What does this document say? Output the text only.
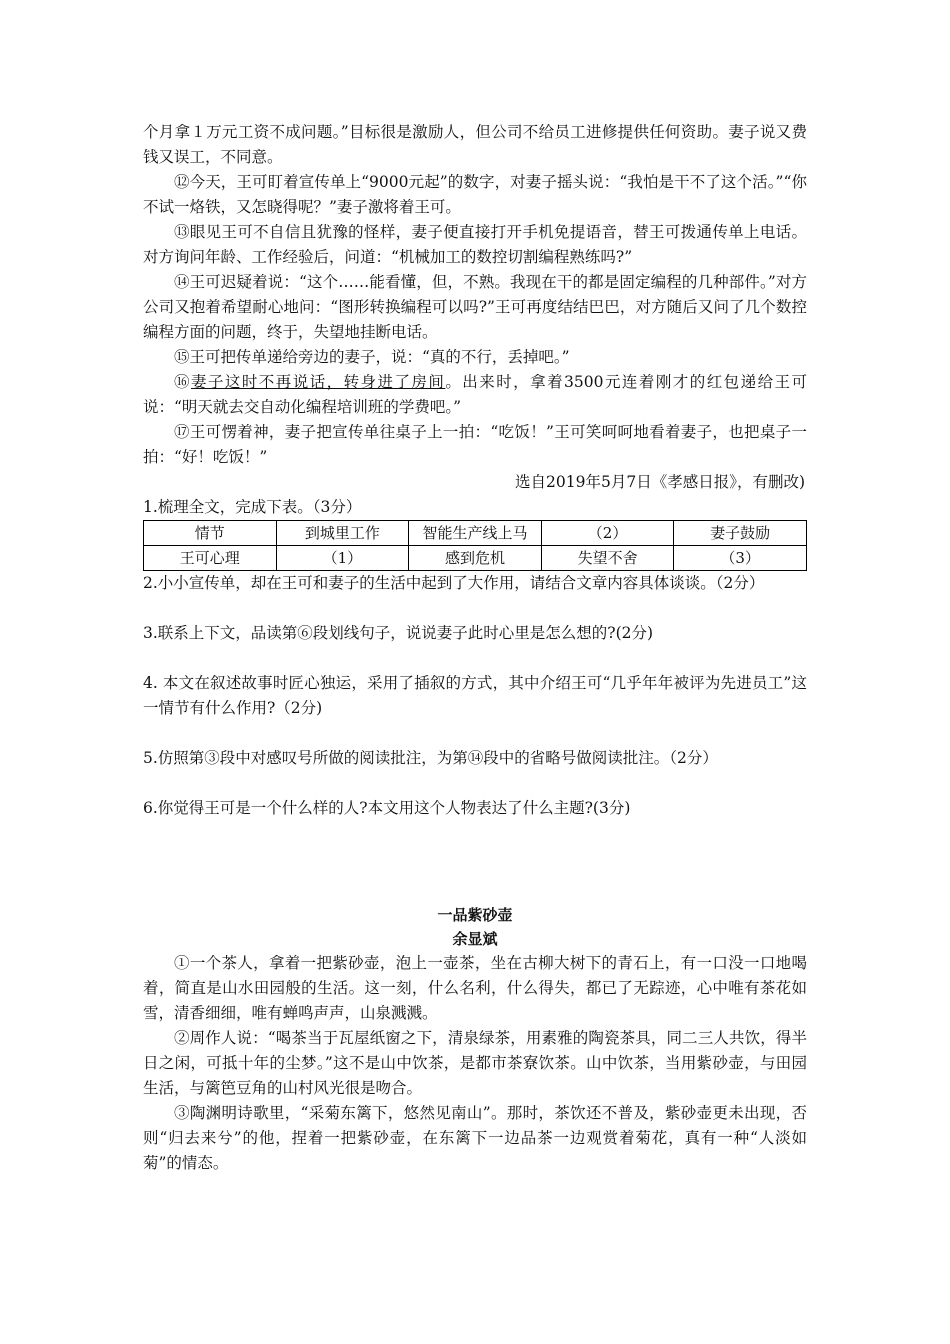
个月拿１万元工资不成问题。”目标很是激励人，但公司不给员工进修提供任何资助。妻子说又费钱又误工，不同意。

⑫今天，王可盯着宣传单上“9000元起”的数字，对妻子摇头说：“我怕是干不了这个活。”“你不试一烙铁，又怎晓得呢？”妻子激将着王可。

⑬眼见王可不自信且犹豫的怪样，妻子便直接打开手机免提语音，替王可拨通传单上电话。对方询问年龄、工作经验后，问道：“机械加工的数控切割编程熟练吗?”

⑭王可迟疑着说：“这个……能看懂，但，不熟。我现在干的都是固定编程的几种部件。”对方公司又抱着希望耐心地问：“图形转换编程可以吗?”王可再度结结巴巴，对方随后又问了几个数控编程方面的问题，终于，失望地挂断电话。

⑮王可把传单递给旁边的妻子，说：“真的不行，丢掉吧。”

⑯妻子这时不再说话，转身进了房间。出来时，拿着3500元连着刚才的红包递给王可说：“明天就去交自动化编程培训班的学费吧。”

⑰王可愣着神，妻子把宣传单往桌子上一拍：“吃饭！”王可笑呵呵地看着妻子，也把桌子一拍：“好！吃饭！”

选自2019年5月7日《孝感日报》，有删改)

1.梳理全文，完成下表。（3分）

情节	到城里工作	智能生产线上马	（2）	妻子鼓励
王可心理	（1）	感到危机	失望不舍	（3）

2.小小宣传单，却在王可和妻子的生活中起到了大作用，请结合文章内容具体谈谈。（2分）

3.联系上下文，品读第⑥段划线句子，说说妻子此时心里是怎么想的?(2分)

4. 本文在叙述故事时匠心独运，采用了插叙的方式，其中介绍王可“几乎年年被评为先进员工”这一情节有什么作用?（2分)

5.仿照第③段中对感叹号所做的阅读批注，为第⑭段中的省略号做阅读批注。（2分）

6.你觉得王可是一个什么样的人?本文用这个人物表达了什么主题?(3分)

一品紫砂壶

余显斌

①一个茶人，拿着一把紫砂壶，泡上一壶茶，坐在古柳大树下的青石上，有一口没一口地喝着，简直是山水田园般的生活。这一刻，什么名利，什么得失，都已了无踪迹，心中唯有茶花如雪，清香细细，唯有蝉鸣声声，山泉溅溅。

②周作人说：“喝茶当于瓦屋纸窗之下，清泉绿茶，用素雅的陶瓷茶具，同二三人共饮，得半日之闲，可抵十年的尘梦。”这不是山中饮茶，是都市茶寮饮茶。山中饮茶，当用紫砂壶，与田园生活，与篱笆豆角的山村风光很是吻合。

③陶渊明诗歌里，“采菊东篱下，悠然见南山”。那时，茶饮还不普及，紫砂壶更未出现，否则“归去来兮”的他，捏着一把紫砂壶，在东篱下一边品茶一边观赏着菊花，真有一种“人淡如菊”的情态。
